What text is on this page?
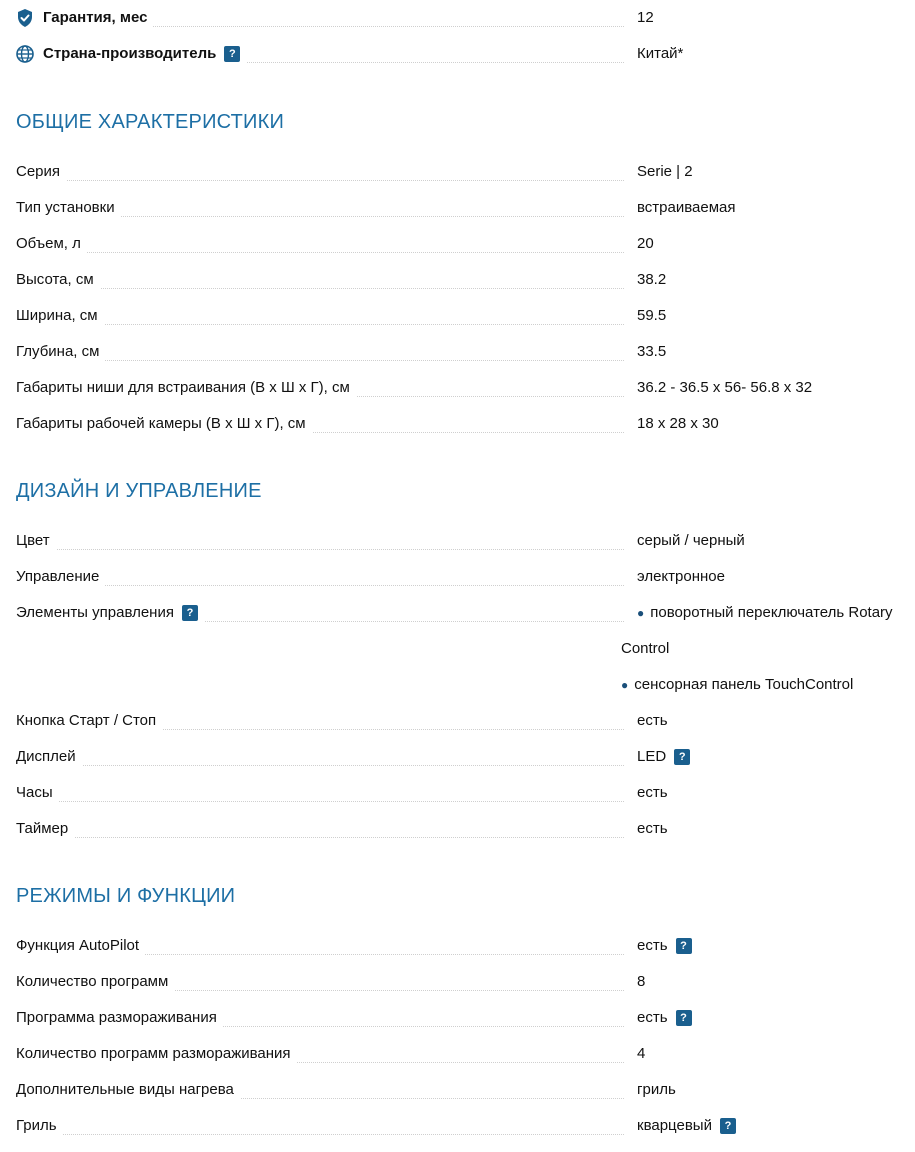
Гарантия, мес	12
Страна-производитель	?	Китай*
ОБЩИЕ ХАРАКТЕРИСТИКИ
Серия	Serie | 2
Тип установки	встраиваемая
Объем, л	20
Высота, см	38.2
Ширина, см	59.5
Глубина, см	33.5
Габариты ниши для встраивания (В х Ш х Г), см	36.2 - 36.5 x 56- 56.8 x 32
Габариты рабочей камеры (В х Ш х Г), см	18 х 28 х 30
ДИЗАЙН И УПРАВЛЕНИЕ
Цвет	серый / черный
Управление	электронное
Элементы управления	?	● поворотный переключатель Rotary
Control
● сенсорная панель TouchControl
Кнопка Старт / Стоп	есть
Дисплей	LED	?
Часы	есть
Таймер	есть
РЕЖИМЫ И ФУНКЦИИ
Функция AutoPilot	есть	?
Количество программ	8
Программа размораживания	есть	?
Количество программ размораживания	4
Дополнительные виды нагрева	гриль
Гриль	кварцевый	?
